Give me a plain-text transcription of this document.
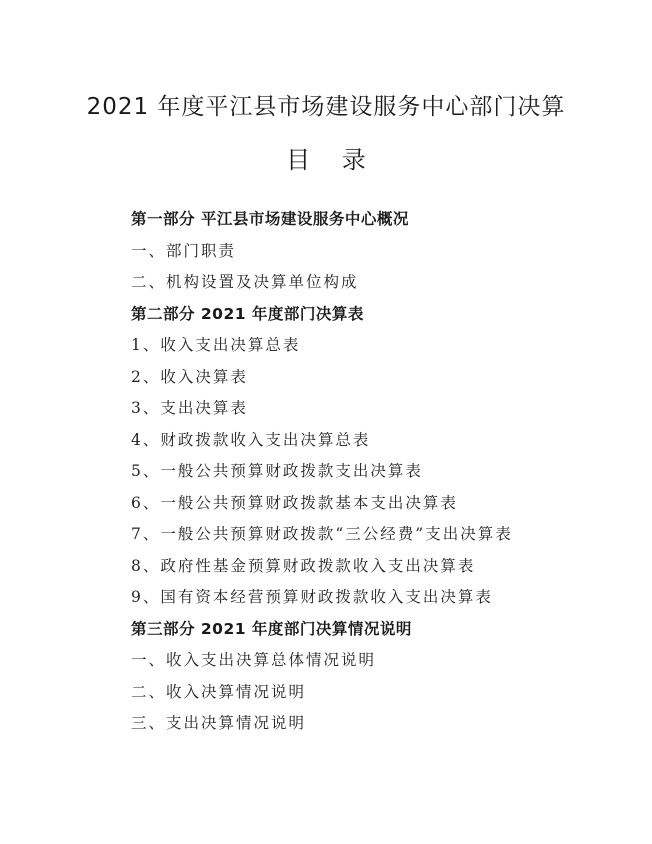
2021 年度平江县市场建设服务中心部门决算
目 录
第一部分 平江县市场建设服务中心概况
一、部门职责
二、机构设置及决算单位构成
第二部分 2021 年度部门决算表
1、收入支出决算总表
2、收入决算表
3、支出决算表
4、财政拨款收入支出决算总表
5、一般公共预算财政拨款支出决算表
6、一般公共预算财政拨款基本支出决算表
7、一般公共预算财政拨款“三公经费”支出决算表
8、政府性基金预算财政拨款收入支出决算表
9、国有资本经营预算财政拨款收入支出决算表
第三部分 2021 年度部门决算情况说明
一、收入支出决算总体情况说明
二、收入决算情况说明
三、支出决算情况说明
